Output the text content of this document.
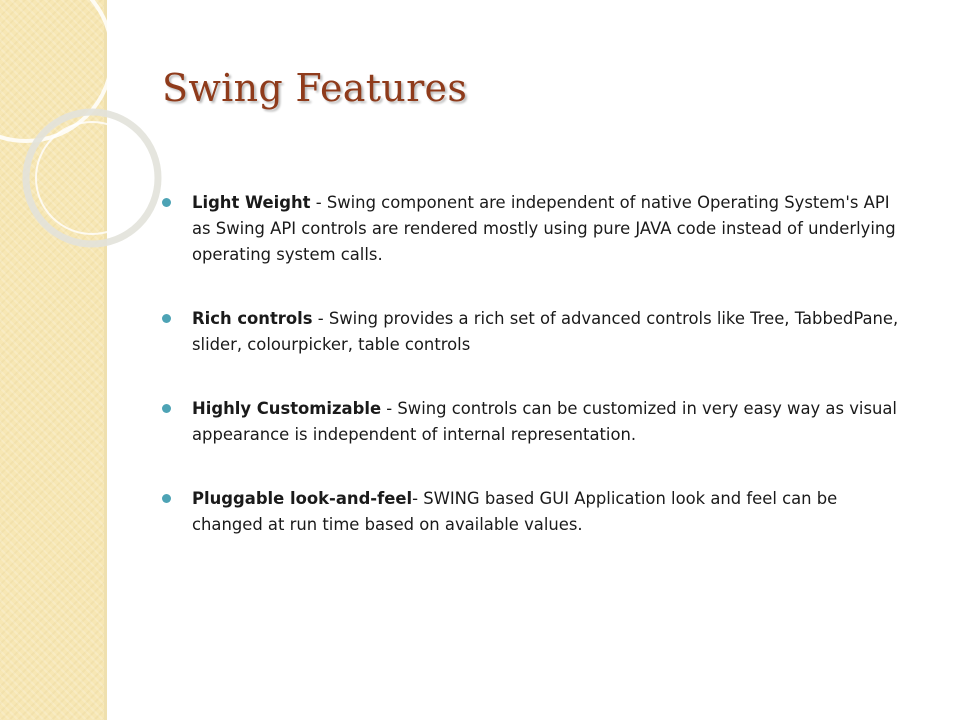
Swing Features
Light Weight - Swing component are independent of native Operating System's API as Swing API controls are rendered mostly using pure JAVA code instead of underlying operating system calls.
Rich controls - Swing provides a rich set of advanced controls like Tree, TabbedPane, slider, colourpicker, table controls
Highly Customizable - Swing controls can be customized in very easy way as visual appearance is independent of internal representation.
Pluggable look-and-feel- SWING based GUI Application look and feel can be changed at run time based on available values.
